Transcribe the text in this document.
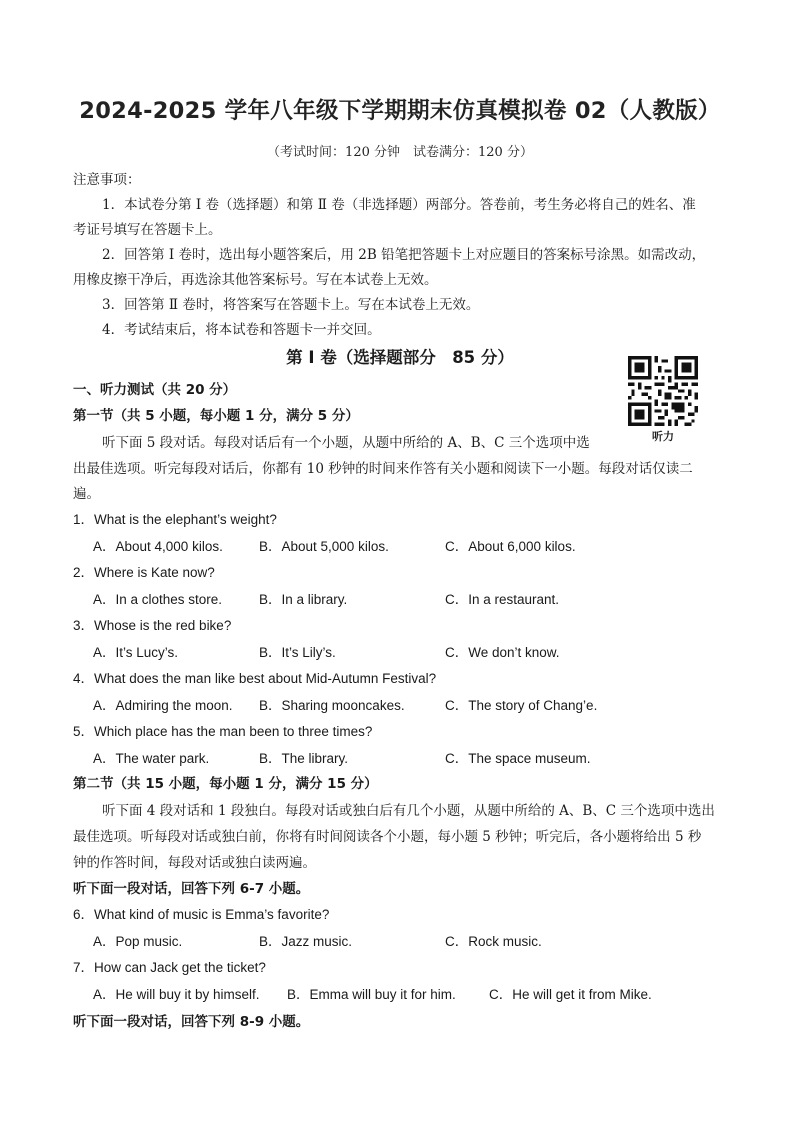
2024-2025 学年八年级下学期期末仿真模拟卷 02（人教版）
（考试时间：120 分钟　试卷满分：120 分）
注意事项：
1．本试卷分第 Ⅰ 卷（选择题）和第 Ⅱ 卷（非选择题）两部分。答卷前，考生务必将自己的姓名、准
考证号填写在答题卡上。
2．回答第 Ⅰ 卷时，选出每小题答案后，用 2B 铅笔把答题卡上对应题目的答案标号涂黑。如需改动，
用橡皮擦干净后，再选涂其他答案标号。写在本试卷上无效。
3．回答第 Ⅱ 卷时，将答案写在答题卡上。写在本试卷上无效。
4．考试结束后，将本试卷和答题卡一并交回。
第 I 卷（选择题部分　85 分）
一、听力测试（共 20 分）
听力
第一节（共 5 小题，每小题 1 分，满分 5 分）
听下面 5 段对话。每段对话后有一个小题，从题中所给的 A、B、C 三个选项中选
出最佳选项。听完每段对话后，你都有 10 秒钟的时间来作答有关小题和阅读下一小题。每段对话仅读二
遍。
1．What is the elephant’s weight?
A．About 4,000 kilos.	B．About 5,000 kilos.	C．About 6,000 kilos.
2．Where is Kate now?
A．In a clothes store.	B．In a library.	C．In a restaurant.
3．Whose is the red bike?
A．It’s Lucy’s.	B．It’s Lily’s.	C．We don’t know.
4．What does the man like best about Mid-Autumn Festival?
A．Admiring the moon. B．Sharing mooncakes.	C．The story of Chang’e.
5．Which place has the man been to three times?
A．The water park.	B．The library.	C．The space museum.
第二节（共 15 小题，每小题 1 分，满分 15 分）
听下面 4 段对话和 1 段独白。每段对话或独白后有几个小题，从题中所给的 A、B、C 三个选项中选出
最佳选项。听每段对话或独白前，你将有时间阅读各个小题，每小题 5 秒钟；听完后，各小题将给出 5 秒
钟的作答时间，每段对话或独白读两遍。
听下面一段对话，回答下列 6-7 小题。
6．What kind of music is Emma’s favorite?
A．Pop music.	B．Jazz music.	C．Rock music.
7．How can Jack get the ticket?
A．He will buy it by himself. B．Emma will buy it for him. C．He will get it from Mike.
听下面一段对话，回答下列 8-9 小题。
